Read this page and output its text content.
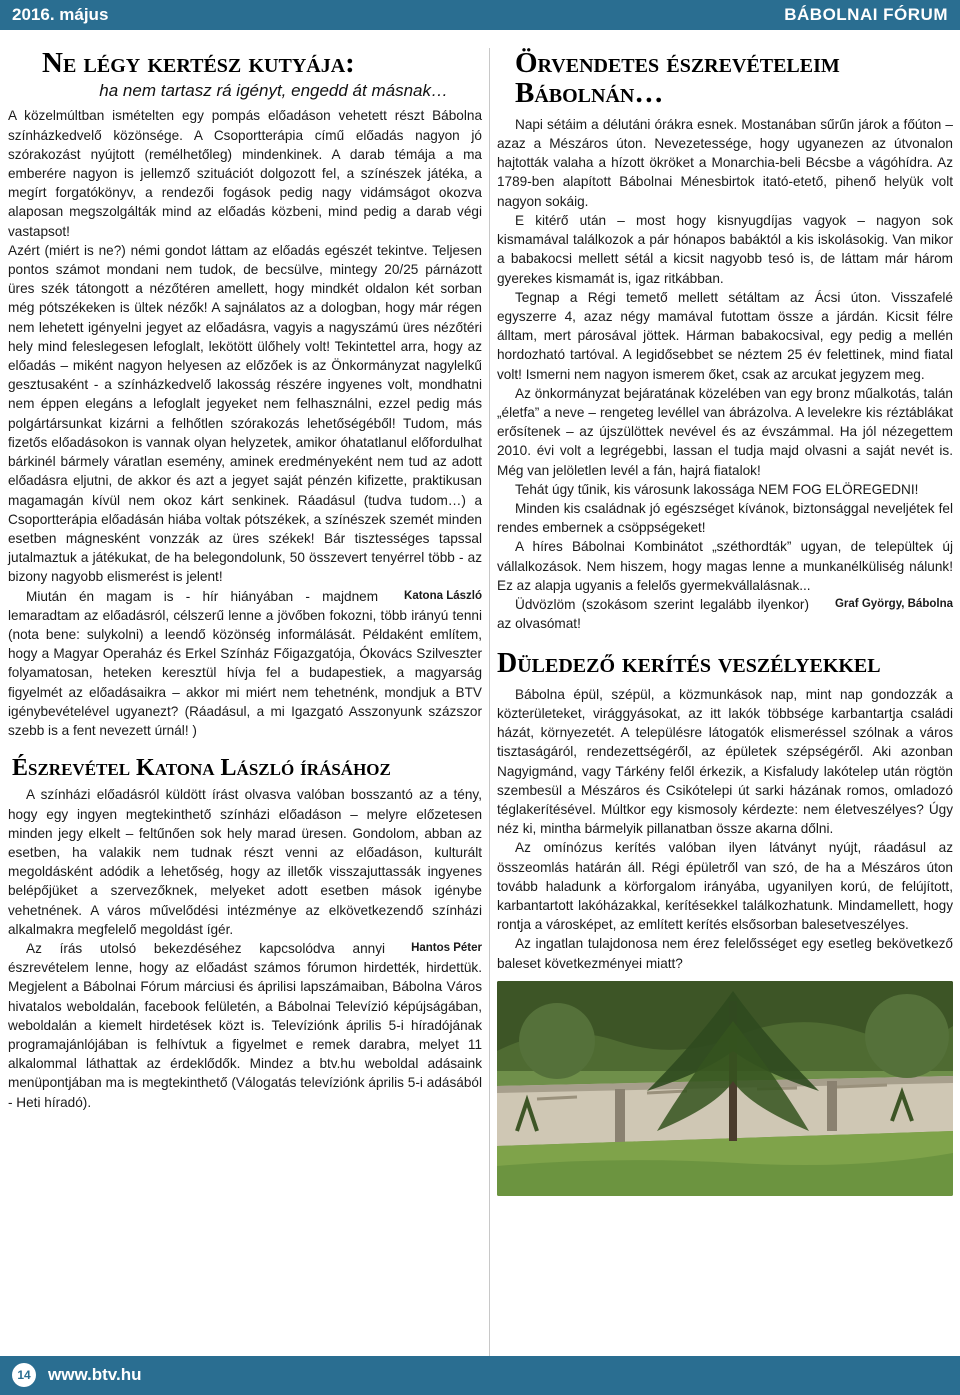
2016. május	BÁBOLNAI FÓRUM
Ne légy kertész kutyája:
ha nem tartasz rá igényt, engedd át másnak…

A közelmúltban ismételten egy pompás előadáson vehetett részt Bábolna színházkedvelő közönsége. A Csoportterápia című előadás nagyon jó szórakozást nyújtott (remélhetőleg) mindenkinek. A darab témája a ma emberére nagyon is jellemző szituációt dolgozott fel, a színészek játéka, a megírt forgatókönyv, a rendezői fogások pedig nagy vidámságot okozva alaposan megszolgálták mind az előadás közbeni, mind pedig a darab végi vastapsot!

Azért (miért is ne?) némi gondot láttam az előadás egészét tekintve. Teljesen pontos számot mondani nem tudok, de becsülve, mintegy 20/25 párnázott üres szék tátongott a nézőtéren amellett, hogy mindkét oldalon két sorban még pótszékeken is ültek nézők! A sajnálatos az a dologban, hogy már régen nem lehetett igényelni jegyet az előadásra, vagyis a nagyszámú üres nézőtéri hely mind feleslegesen lefoglalt, lekötött ülőhely volt! Tekintettel arra, hogy az előadás – miként nagyon helyesen az előzőek is az Önkormányzat nagylelkű gesztusaként - a színházkedvelő lakosság részére ingyenes volt, mondhatni nem éppen elegáns a lefoglalt jegyeket nem felhasználni, ezzel pedig más polgártársunkat kizárni a felhőtlen szórakozás lehetőségéből! Tudom, más fizetős előadásokon is vannak olyan helyzetek, amikor óhatatlanul előfordulhat bárkinél bármely váratlan esemény, aminek eredményeként nem tud az adott előadásra eljutni, de akkor és azt a jegyet saját pénzén kifizette, praktikusan magamagán kívül nem okoz kárt senkinek. Ráadásul (tudva tudom…) a Csoportterápia előadásán hiába voltak pótszékek, a színészek szemét minden esetben mágnesként vonzzák az üres székek! Bár tisztességes tapssal jutalmaztuk a játékukat, de ha belegondolunk, 50 összevert tenyérrel több - az bizony nagyobb elismerést is jelent!

Katona László
Miután én magam is - hír hiányában - majdnem lemaradtam az előadásról, célszerű lenne a jövőben fokozni, több irányú tenni (nota bene: sulykolni) a leendő közönség informálását. Példaként említem, hogy a Magyar Operaház és Erkel Színház Főigazgatója, Ókovács Szilveszter folyamatosan, heteken keresztül hívja fel a budapestiek, a magyarság figyelmét az előadásaikra – akkor mi miért nem tehetnénk, mondjuk a BTV igénybevételével ugyanezt? (Ráadásul, a mi Igazgató Asszonyunk százszor szebb is a fent nevezett úrnál! )

Észrevétel Katona László írásához

A színházi előadásról küldött írást olvasva valóban bosszantó az a tény, hogy egy ingyen megtekinthető színházi előadáson – melyre előzetesen minden jegy elkelt – feltűnően sok hely marad üresen. Gondolom, abban az esetben, ha valakik nem tudnak részt venni az előadáson, kulturált megoldásként adódik a lehetőség, hogy az illetők visszajuttassák ingyenes belépőjüket a szervezőknek, melyeket adott esetben mások igénybe vehetnének. A város művelődési intézménye az elkövetkezendő színházi alkalmakra megfelelő megoldást ígér.

Hantos Péter
Az írás utolsó bekezdéséhez kapcsolódva annyi észrevételem lenne, hogy az előadást számos fórumon hirdették, hirdettük. Megjelent a Bábolnai Fórum márciusi és áprilisi lapszámaiban, Bábolna Város hivatalos weboldalán, facebook felületén, a Bábolnai Televízió képújságában, weboldalán a kiemelt hirdetések közt is. Televíziónk április 5-i híradójának programajánlójában is felhívtuk a figyelmet e remek darabra, melyet 11 alkalommal láthattak az érdeklődők. Mindez a btv.hu weboldal adásaink menüpontjában ma is megtekinthető (Válogatás televíziónk április 5-i adásából - Heti híradó).

Örvendetes észrevételeim Bábolnán…

Napi sétáim a délutáni órákra esnek. Mostanában sűrűn járok a főúton – azaz a Mészáros úton. Nevezetessége, hogy ugyanezen az útvonalon hajtották valaha a hízott ökröket a Monarchia-beli Bécsbe a vágóhídra. Az 1789-ben alapított Bábolnai Ménesbirtok itató-etető, pihenő helyük volt nagyon sokáig.

E kitérő után – most hogy kisnyugdíjas vagyok – nagyon sok kismamával találkozok a pár hónapos babáktól a kis iskolásokig. Van mikor a babakocsi mellett sétál a kicsit nagyobb tesó is, de láttam már három gyerekes kismamát is, igaz ritkábban.

Tegnap a Régi temető mellett sétáltam az Ácsi úton. Visszafelé egyszerre 4, azaz négy mamával futottam össze a járdán. Kicsit félre álltam, mert párosával jöttek. Hárman babakocsival, egy pedig a mellén hordozható tartóval. A legidősebbet se néztem 25 év felettinek, mind fiatal volt! Ismerni nem nagyon ismerem őket, csak az arcukat jegyzem meg.

Az önkormányzat bejáratának közelében van egy bronz műalkotás, talán „életfa” a neve – rengeteg levéllel van ábrázolva. A levelekre kis réztáblákat erősítenek – az újszülöttek nevével és az évszámmal. Ha jól nézegettem 2010. évi volt a legrégebbi, lassan el tudja majd olvasni a saját nevét is. Még van jelöletlen levél a fán, hajrá fiatalok!

Tehát úgy tűnik, kis városunk lakossága NEM FOG ELÖREGEDNI!

Minden kis családnak jó egészséget kívánok, biztonsággal neveljétek fel rendes embernek a csöppségeket!

A híres Bábolnai Kombinátot „széthordták” ugyan, de települtek új vállalkozások. Nem hiszem, hogy magas lenne a munkanélküliség nálunk! Ez az alapja ugyanis a felelős gyermekvállalásnak...

Graf György, Bábolna
Üdvözlöm (szokásom szerint legalább ilyenkor) az olvasómat!

Düledező kerítés veszélyekkel

Bábolna épül, szépül, a közmunkások nap, mint nap gondozzák a közterületeket, virággyásokat, az itt lakók többsége karbantartja családi házát, környezetét. A településre látogatók elismeréssel szólnak a város tisztaságáról, rendezettségéről, az épületek szépségéről. Aki azonban Nagyigmánd, vagy Tárkény felől érkezik, a Kisfaludy lakótelep után rögtön szembesül a Mészáros és Csikótelepi út sarki házának romos, omladozó téglakerítésével. Múltkor egy kismosoly kérdezte: nem életveszélyes? Úgy néz ki, mintha bármelyik pillanatban össze akarna dőlni.

Az omínózus kerítés valóban ilyen látványt nyújt, ráadásul az összeomlás határán áll. Régi épületről van szó, de ha a Mészáros úton tovább haladunk a körforgalom irányába, ugyanilyen korú, de felújított, karbantartott lakóházakkal, kerítésekkel találkozhatunk. Mindamellett, hogy rontja a városképet, az említett kerítés elsősorban balesetveszélyes.

Az ingatlan tulajdonosa nem érez felelősséget egy esetleg bekövetkező baleset következményei miatt?

14	www.btv.hu
